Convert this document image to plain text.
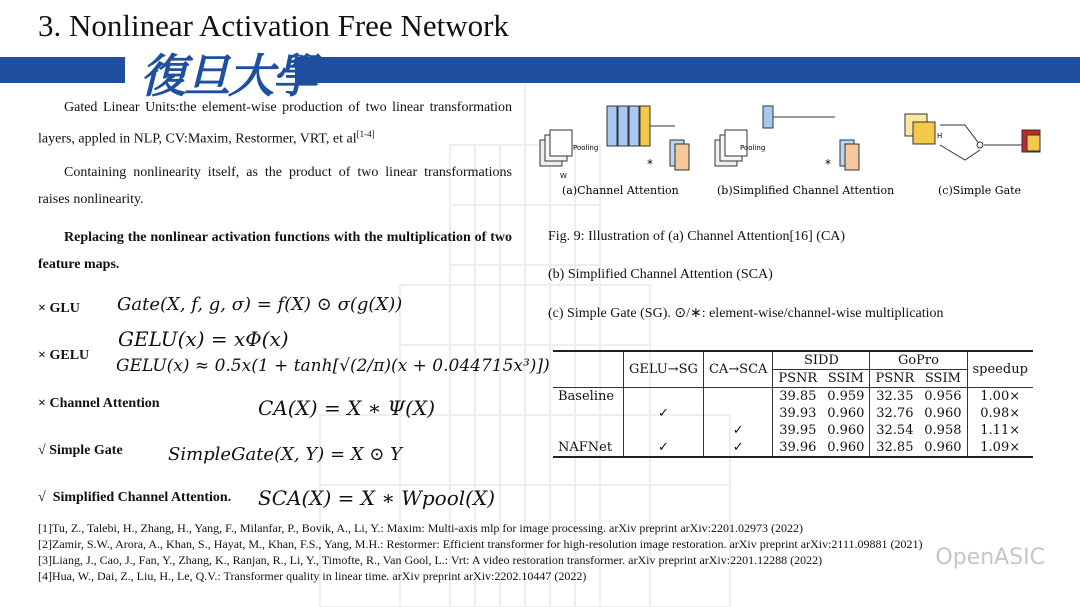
3. Nonlinear Activation Free Network
復旦大學

Gated Linear Units:the element-wise production of two linear transformation layers, appled in NLP, CV:Maxim, Restormer, VRT, et al[1-4]

Containing nonlinearity itself, as the product of two linear transformations raises nonlinearity.

Replacing the nonlinear activation functions with the multiplication of two feature maps.

× GLU Gate(X, f, g, σ) = f(X) ⊙ σ(g(X))
× GELU
GELU(x) = xΦ(x)
GELU(x) ≈ 0.5x(1 + tanh[√(2/π)(x + 0.044715x³)])
× Channel Attention	CA(X) = X ∗ Ψ(X)
√ Simple Gate	SimpleGate(X, Y) = X ⊙ Y
√ Simplified Channel Attention. SCA(X) = X ∗ Wpool(X)
Pooling
*
W
(a)Channel Attention
Pooling
*
(b)Simplified Channel Attention
H
(c)Simple Gate
Fig. 9: Illustration of (a) Channel Attention[16] (CA)
(b) Simplified Channel Attention (SCA)
(c) Simple Gate (SG). ⊙/∗: element-wise/channel-wise multiplication
	GELU→SG	CA→SCA	SIDD		GoPro		speedup
			PSNR	SSIM	PSNR	SSIM	
Baseline			39.85	0.959	32.35	0.956	1.00×
	✓		39.93	0.960	32.76	0.960	0.98×
		✓	39.95	0.960	32.54	0.958	1.11×
NAFNet	✓	✓	39.96	0.960	32.85	0.960	1.09×
[1]Tu, Z., Talebi, H., Zhang, H., Yang, F., Milanfar, P., Bovik, A., Li, Y.: Maxim: Multi-axis mlp for image processing. arXiv preprint arXiv:2201.02973 (2022)
[2]Zamir, S.W., Arora, A., Khan, S., Hayat, M., Khan, F.S., Yang, M.H.: Restormer: Efficient transformer for high-resolution image restoration. arXiv preprint arXiv:2111.09881 (2021)
[3]Liang, J., Cao, J., Fan, Y., Zhang, K., Ranjan, R., Li, Y., Timofte, R., Van Gool, L.: Vrt: A video restoration transformer. arXiv preprint arXiv:2201.12288 (2022)
[4]Hua, W., Dai, Z., Liu, H., Le, Q.V.: Transformer quality in linear time. arXiv preprint arXiv:2202.10447 (2022)
OpenASIC
